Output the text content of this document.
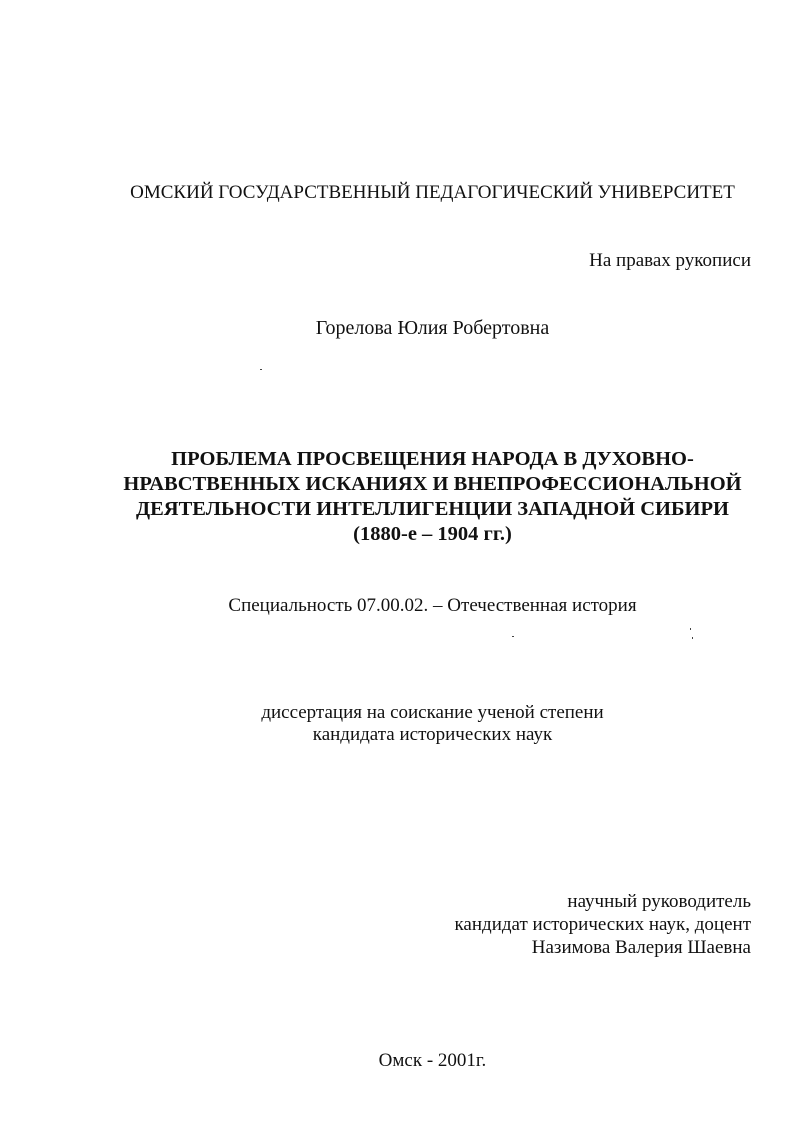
ОМСКИЙ ГОСУДАРСТВЕННЫЙ ПЕДАГОГИЧЕСКИЙ УНИВЕРСИТЕТ
На правах рукописи
Горелова Юлия Робертовна
ПРОБЛЕМА ПРОСВЕЩЕНИЯ НАРОДА В ДУХОВНО-
НРАВСТВЕННЫХ ИСКАНИЯХ И ВНЕПРОФЕССИОНАЛЬНОЙ
ДЕЯТЕЛЬНОСТИ ИНТЕЛЛИГЕНЦИИ ЗАПАДНОЙ СИБИРИ
(1880-е – 1904 гг.)
Специальность 07.00.02. – Отечественная история
диссертация на соискание ученой степени
кандидата исторических наук
научный руководитель
кандидат исторических наук, доцент
Назимова Валерия Шаевна
Омск - 2001г.
